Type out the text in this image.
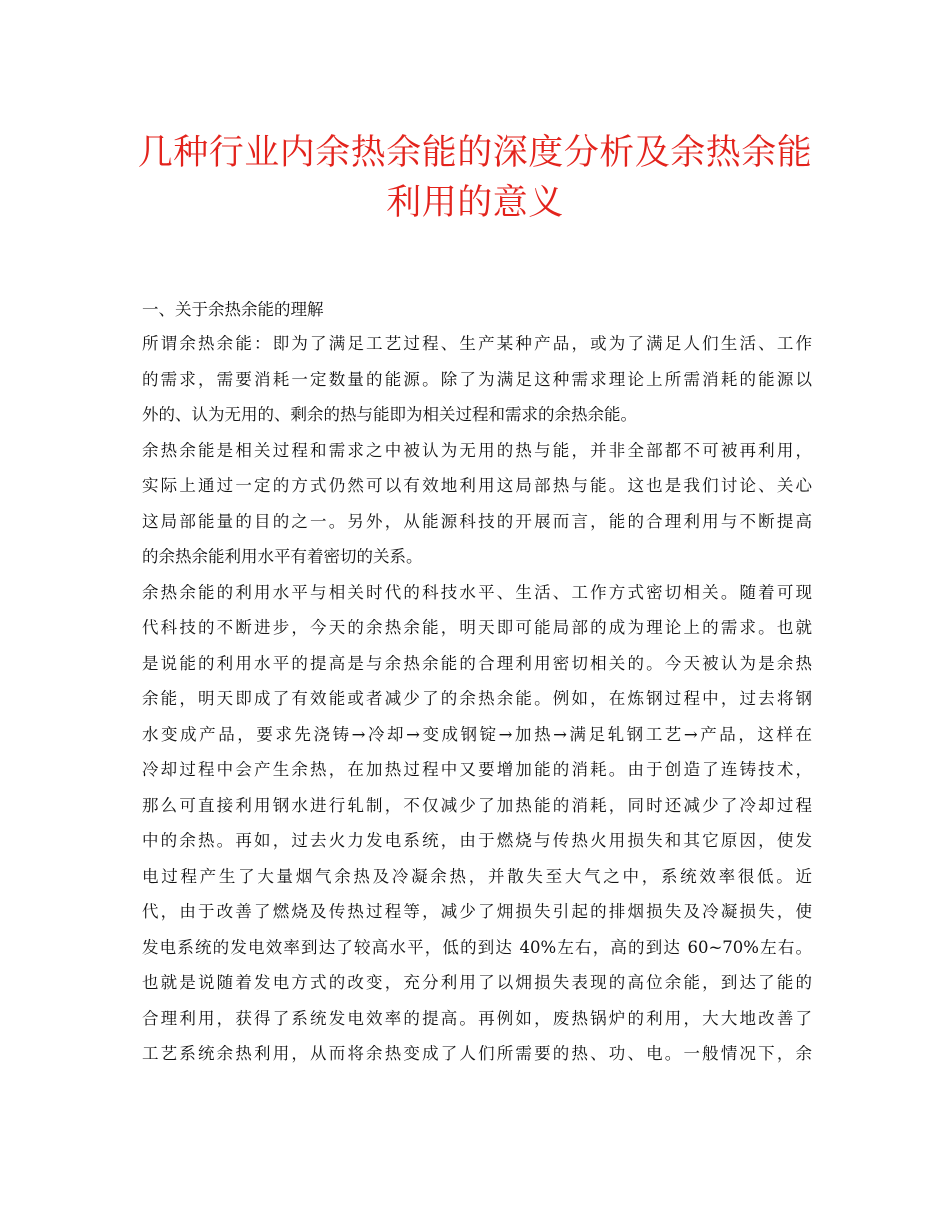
几种行业内余热余能的深度分析及余热余能
利用的意义

一、关于余热余能的理解

所谓余热余能：即为了满足工艺过程、生产某种产品，或为了满足人们生活、工作
的需求，需要消耗一定数量的能源。除了为满足这种需求理论上所需消耗的能源以
外的、认为无用的、剩余的热与能即为相关过程和需求的余热余能。

余热余能是相关过程和需求之中被认为无用的热与能，并非全部都不可被再利用，
实际上通过一定的方式仍然可以有效地利用这局部热与能。这也是我们讨论、关心
这局部能量的目的之一。另外，从能源科技的开展而言，能的合理利用与不断提高
的余热余能利用水平有着密切的关系。

余热余能的利用水平与相关时代的科技水平、生活、工作方式密切相关。随着可现
代科技的不断进步，今天的余热余能，明天即可能局部的成为理论上的需求。也就
是说能的利用水平的提高是与余热余能的合理利用密切相关的。今天被认为是余热
余能，明天即成了有效能或者减少了的余热余能。例如，在炼钢过程中，过去将钢
水变成产品，要求先浇铸→冷却→变成钢锭→加热→满足轧钢工艺→产品，这样在
冷却过程中会产生余热，在加热过程中又要增加能的消耗。由于创造了连铸技术，
那么可直接利用钢水进行轧制，不仅减少了加热能的消耗，同时还减少了冷却过程
中的余热。再如，过去火力发电系统，由于燃烧与传热火用损失和其它原因，使发
电过程产生了大量烟气余热及冷凝余热，并散失至大气之中，系统效率很低。近
代，由于改善了燃烧及传热过程等，减少了㶲损失引起的排烟损失及冷凝损失，使
发电系统的发电效率到达了较高水平，低的到达 40%左右，高的到达 60~70%左右。
也就是说随着发电方式的改变，充分利用了以㶲损失表现的高位余能，到达了能的
合理利用，获得了系统发电效率的提高。再例如，废热锅炉的利用，大大地改善了
工艺系统余热利用，从而将余热变成了人们所需要的热、功、电。一般情况下，余
